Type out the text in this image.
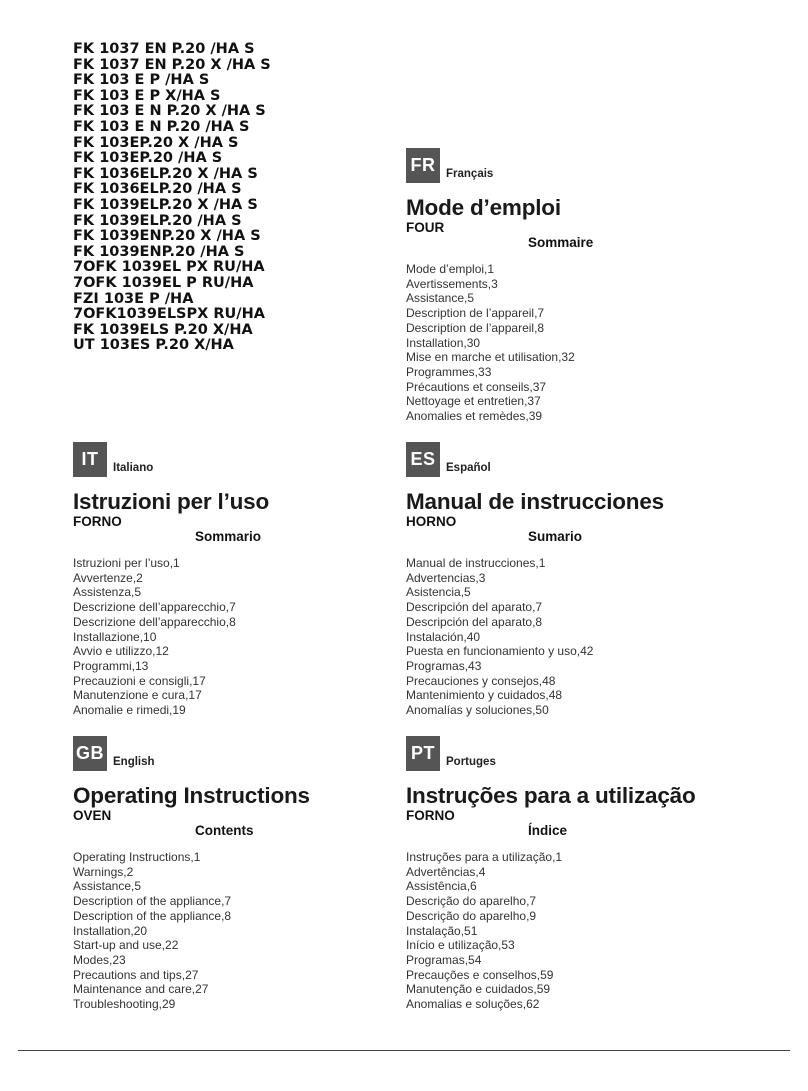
FK 1037 EN P.20 /HA S
FK 1037 EN P.20 X /HA S
FK 103 E P /HA S
FK 103 E P X/HA S
FK 103 E N P.20 X /HA S
FK 103 E N P.20 /HA S
FK 103EP.20 X /HA S
FK 103EP.20 /HA S
FK 1036ELP.20 X /HA S
FK 1036ELP.20 /HA S
FK 1039ELP.20 X /HA S
FK 1039ELP.20 /HA S
FK 1039ENP.20 X /HA S
FK 1039ENP.20 /HA S
7OFK 1039EL PX RU/HA
7OFK 1039EL P RU/HA
FZI 103E P /HA
7OFK1039ELSPX RU/HA
FK 1039ELS P.20 X/HA
UT 103ES P.20 X/HA
FR Français
Mode d’emploi
FOUR
Sommaire
Mode d’emploi,1
Avertissements,3
Assistance,5
Description de l’appareil,7
Description de l’appareil,8
Installation,30
Mise en marche et utilisation,32
Programmes,33
Précautions et conseils,37
Nettoyage et entretien,37
Anomalies et remèdes,39
IT	Italiano
Istruzioni per l’uso
FORNO
Sommario
Istruzioni per l’uso,1
Avvertenze,2
Assistenza,5
Descrizione dell’apparecchio,7
Descrizione dell’apparecchio,8
Installazione,10
Avvio e utilizzo,12
Programmi,13
Precauzioni e consigli,17
Manutenzione e cura,17
Anomalie e rimedi,19
ES Español
Manual de instrucciones
HORNO
Sumario
Manual de instrucciones,1
Advertencias,3
Asistencia,5
Descripción del aparato,7
Descripción del aparato,8
Instalación,40
Puesta en funcionamiento y uso,42
Programas,43
Precauciones y consejos,48
Mantenimiento y cuidados,48
Anomalías y soluciones,50
GB English
Operating Instructions
OVEN
Contents
Operating Instructions,1
Warnings,2
Assistance,5
Description of the appliance,7
Description of the appliance,8
Installation,20
Start-up and use,22
Modes,23
Precautions and tips,27
Maintenance and care,27
Troubleshooting,29
PT Portuges
Instruções para a utilização
FORNO
Índice
Instruções para a utilização,1
Advertências,4
Assistência,6
Descrição do aparelho,7
Descrição do aparelho,9
Instalação,51
Início e utilização,53
Programas,54
Precauções e conselhos,59
Manutenção e cuidados,59
Anomalias e soluções,62
